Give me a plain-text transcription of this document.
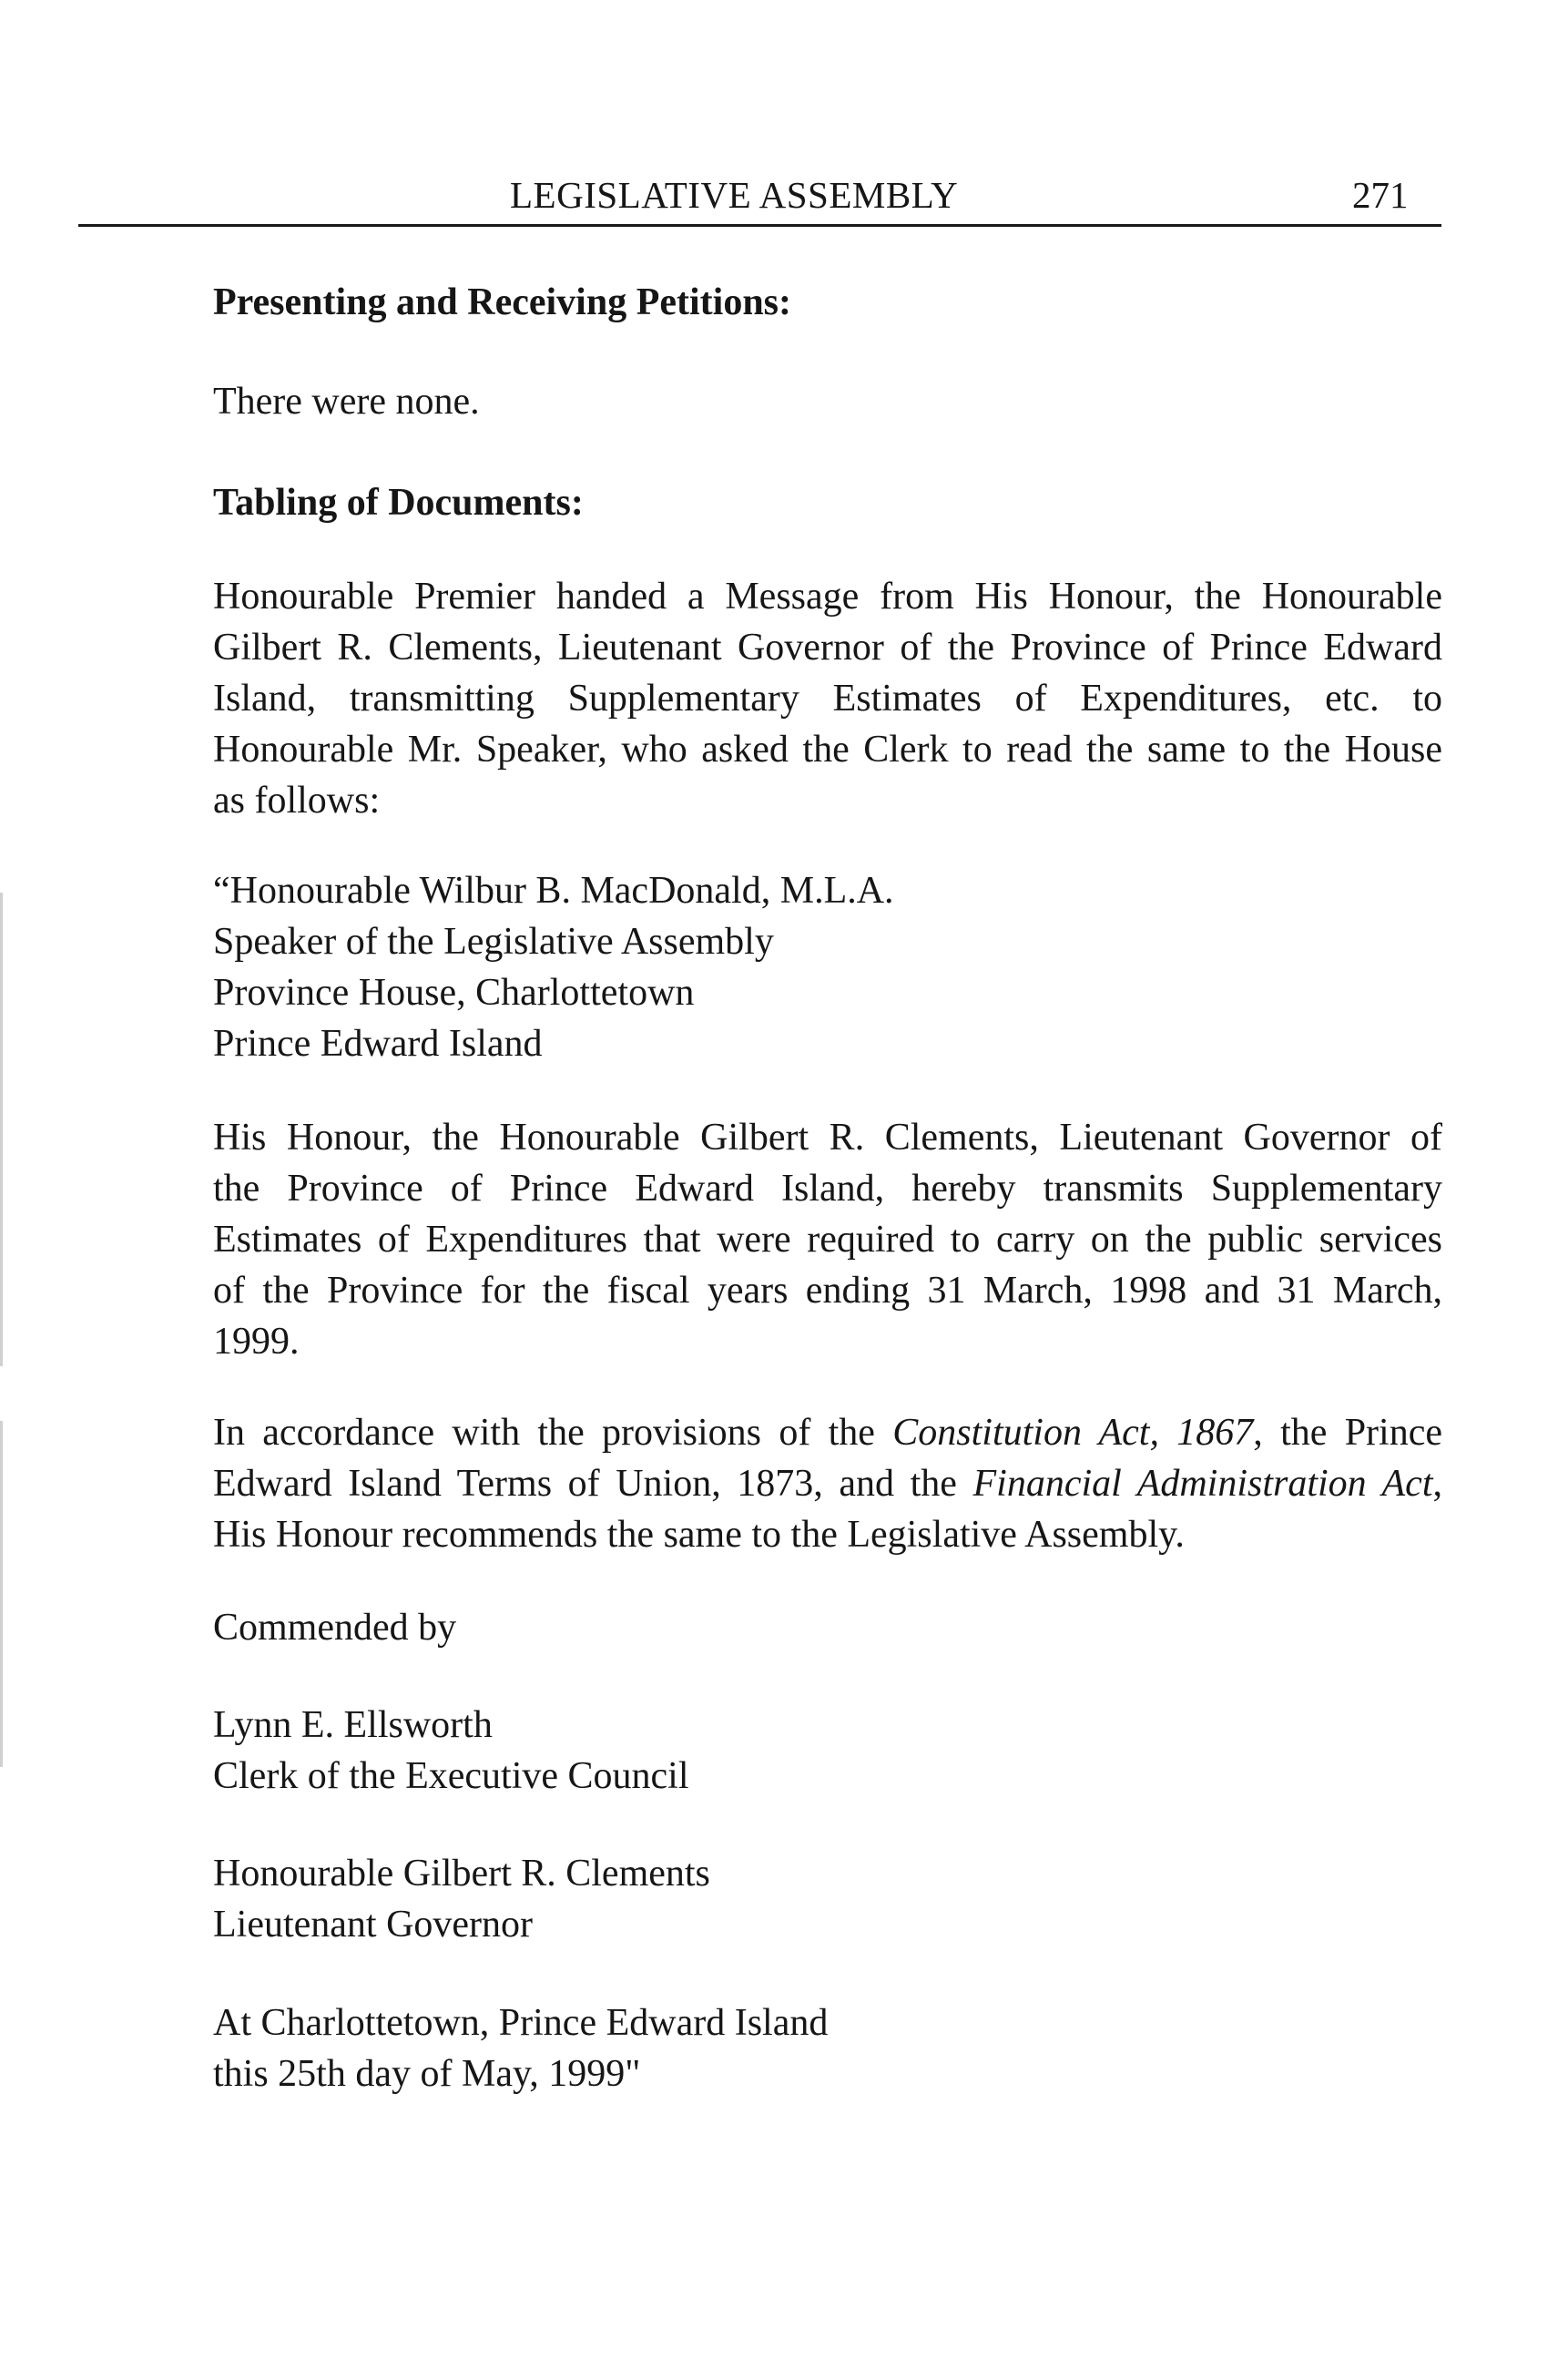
LEGISLATIVE ASSEMBLY	271
Presenting and Receiving Petitions:
There were none.
Tabling of Documents:
Honourable Premier handed a Message from His Honour, the Honourable
Gilbert R. Clements, Lieutenant Governor of the Province of Prince Edward
Island, transmitting Supplementary Estimates of Expenditures, etc. to
Honourable Mr. Speaker, who asked the Clerk to read the same to the House
as follows:
“Honourable Wilbur B. MacDonald, M.L.A.
Speaker of the Legislative Assembly
Province House, Charlottetown
Prince Edward Island
His Honour, the Honourable Gilbert R. Clements, Lieutenant Governor of
the Province of Prince Edward Island, hereby transmits Supplementary
Estimates of Expenditures that were required to carry on the public services
of the Province for the fiscal years ending 31 March, 1998 and 31 March,
1999.
In accordance with the provisions of the Constitution Act, 1867, the Prince
Edward Island Terms of Union, 1873, and the Financial Administration Act,
His Honour recommends the same to the Legislative Assembly.
Commended by
Lynn E. Ellsworth
Clerk of the Executive Council
Honourable Gilbert R. Clements
Lieutenant Governor
At Charlottetown, Prince Edward Island
this 25th day of May, 1999"
